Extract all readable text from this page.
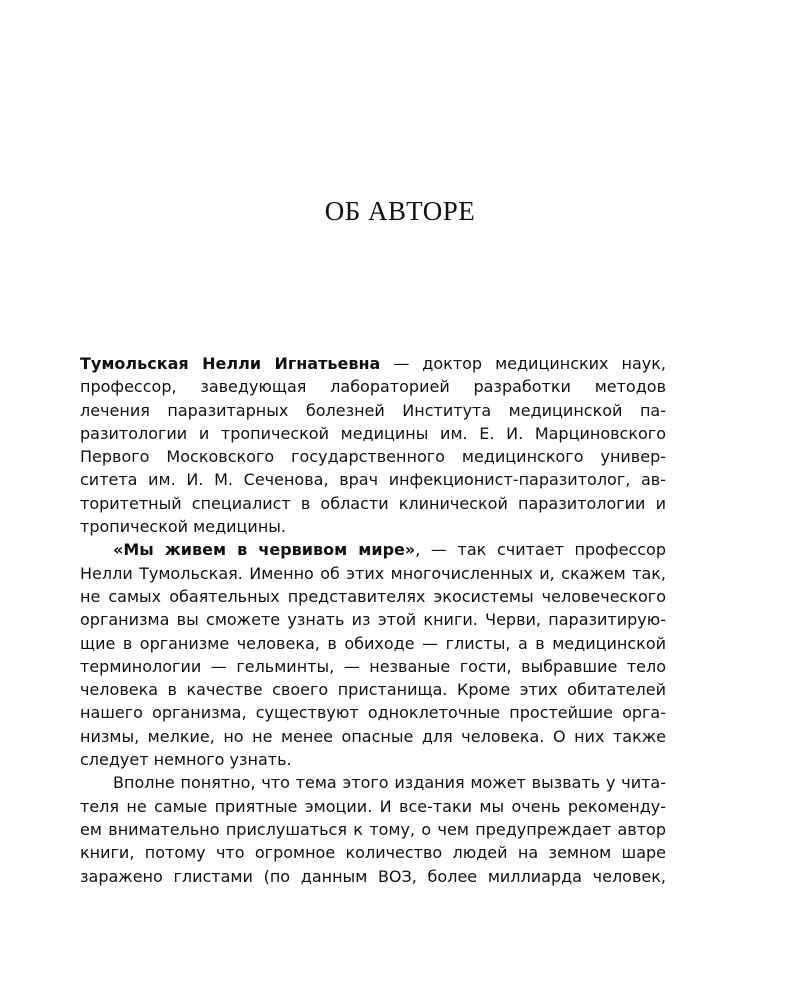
ОБ АВТОРЕ

Тумольская Нелли Игнатьевна — доктор медицинских наук,
профессор, заведующая лабораторией разработки методов
лечения паразитарных болезней Института медицинской па-
разитологии и тропической медицины им. Е. И. Марциновского
Первого Московского государственного медицинского универ-
ситета им. И. М. Сеченова, врач инфекционист-паразитолог, ав-
торитетный специалист в области клинической паразитологии и
тропической медицины.

«Мы живем в червивом мире», — так считает профессор
Нелли Тумольская. Именно об этих многочисленных и, скажем так,
не самых обаятельных представителях экосистемы человеческого
организма вы сможете узнать из этой книги. Черви, паразитирую-
щие в организме человека, в обиходе — глисты, а в медицинской
терминологии — гельминты, — незваные гости, выбравшие тело
человека в качестве своего пристанища. Кроме этих обитателей
нашего организма, существуют одноклеточные простейшие орга-
низмы, мелкие, но не менее опасные для человека. О них также
следует немного узнать.

Вполне понятно, что тема этого издания может вызвать у чита-
теля не самые приятные эмоции. И все-таки мы очень рекоменду-
ем внимательно прислушаться к тому, о чем предупреждает автор
книги, потому что огромное количество людей на земном шаре
заражено глистами (по данным ВОЗ, более миллиарда человек,
